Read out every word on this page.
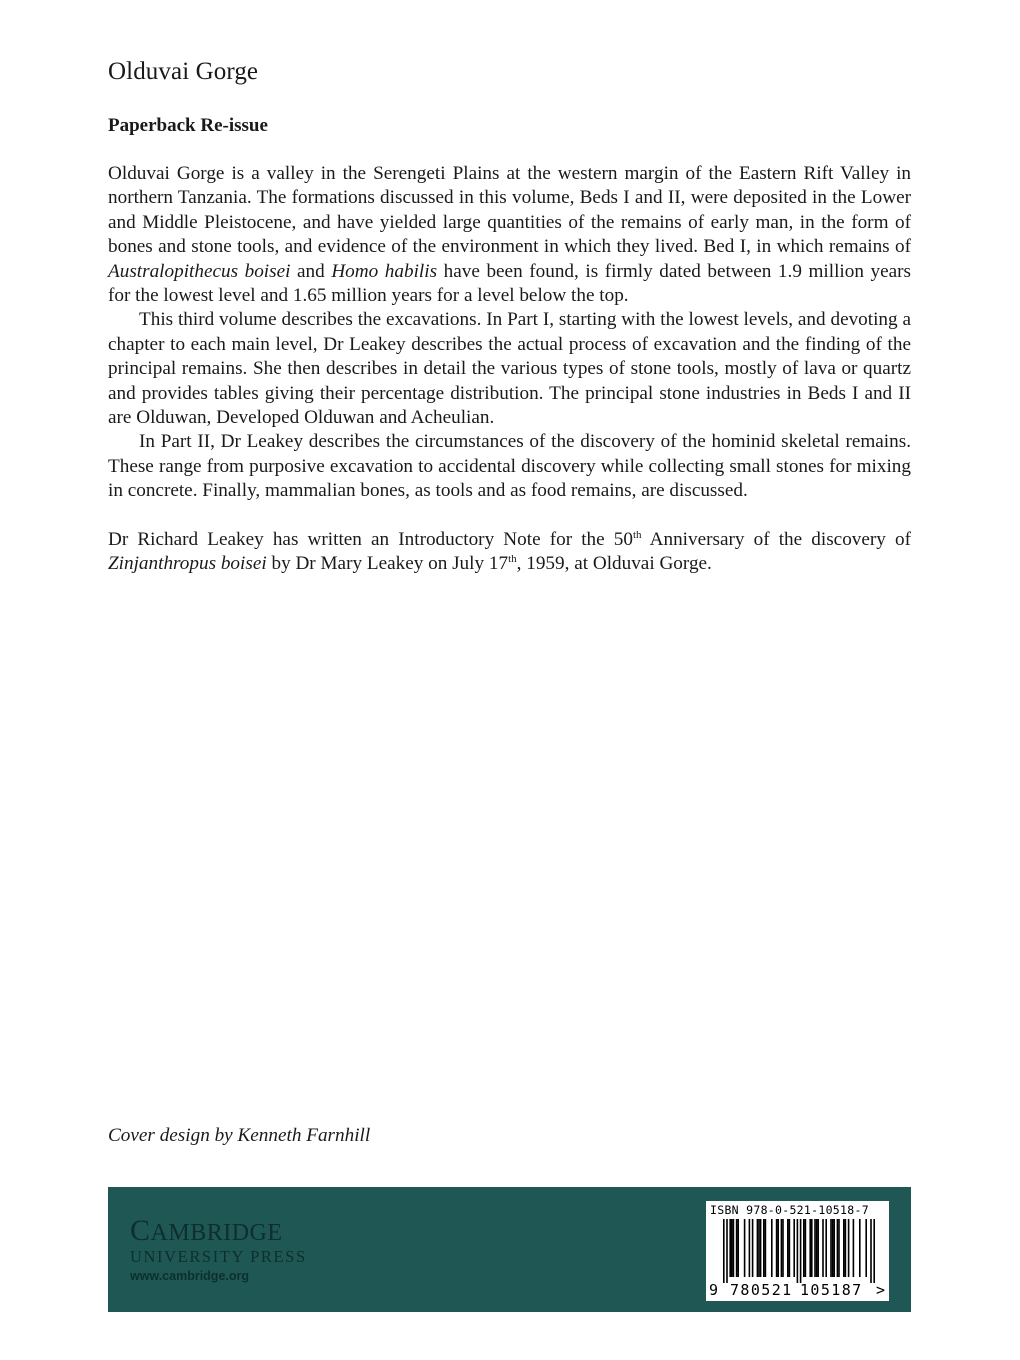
Olduvai Gorge
Paperback Re-issue

Olduvai Gorge is a valley in the Serengeti Plains at the western margin of the Eastern Rift Valley in northern Tanzania. The formations discussed in this volume, Beds I and II, were deposited in the Lower and Middle Pleistocene, and have yielded large quantities of the remains of early man, in the form of bones and stone tools, and evidence of the environment in which they lived. Bed I, in which remains of Australopithecus boisei and Homo habilis have been found, is firmly dated between 1.9 million years for the lowest level and 1.65 million years for a level below the top.

This third volume describes the excavations. In Part I, starting with the lowest levels, and devoting a chapter to each main level, Dr Leakey describes the actual process of excavation and the finding of the principal remains. She then describes in detail the various types of stone tools, mostly of lava or quartz and provides tables giving their percentage distribution. The principal stone industries in Beds I and II are Olduwan, Developed Olduwan and Acheulian.

In Part II, Dr Leakey describes the circumstances of the discovery of the hominid skeletal remains. These range from purposive excavation to accidental discovery while collecting small stones for mixing in concrete. Finally, mammalian bones, as tools and as food remains, are discussed.

Dr Richard Leakey has written an Introductory Note for the 50th Anniversary of the discovery of Zinjanthropus boisei by Dr Mary Leakey on July 17th, 1959, at Olduvai Gorge.

Cover design by Kenneth Farnhill
CAMBRIDGE
UNIVERSITY PRESS
www.cambridge.org
ISBN 978-0-521-10518-7
9 780521 105187 >
